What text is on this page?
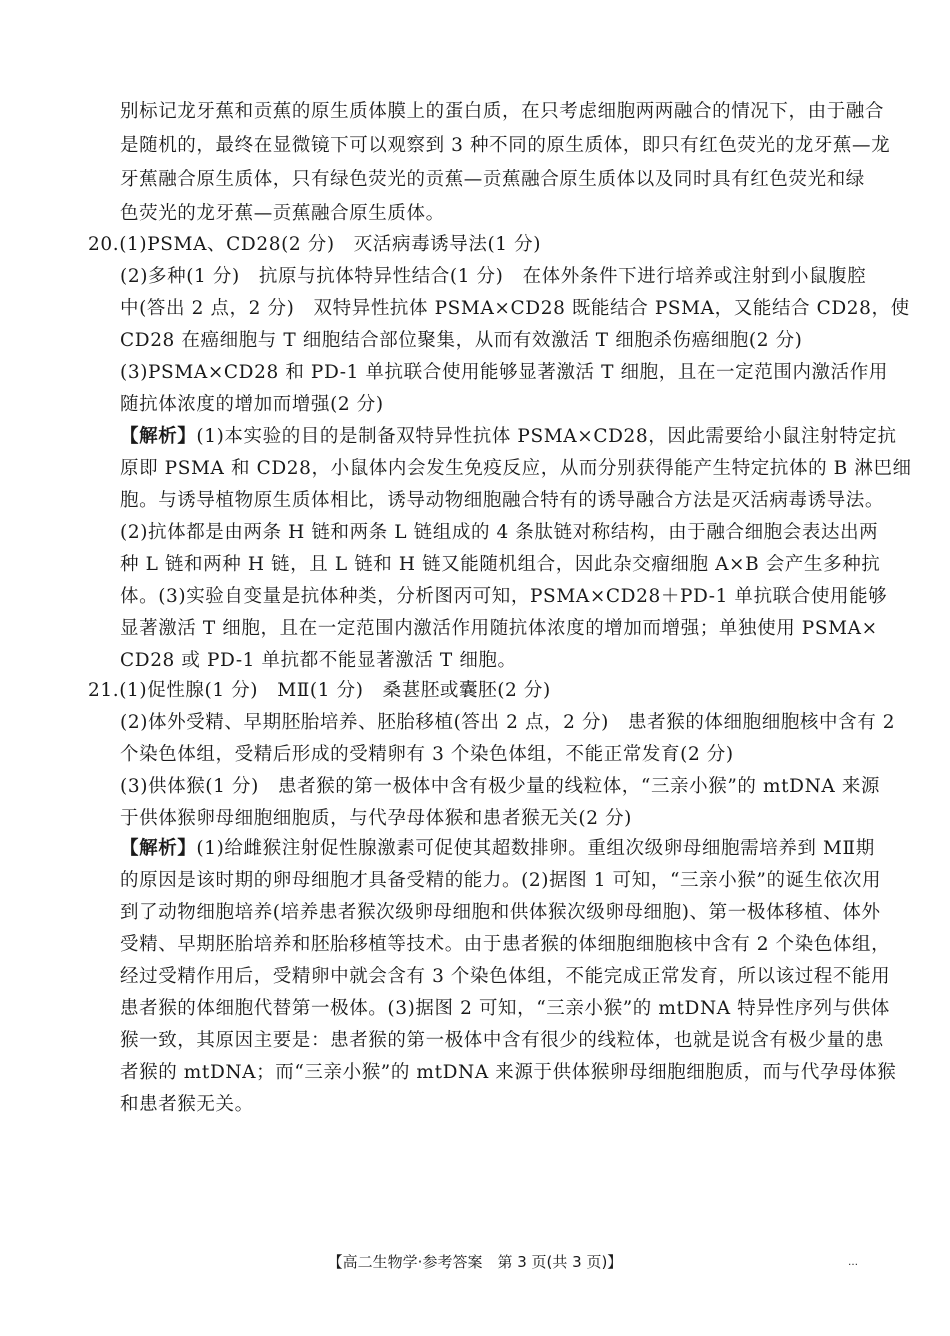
别标记龙牙蕉和贡蕉的原生质体膜上的蛋白质，在只考虑细胞两两融合的情况下，由于融合
是随机的，最终在显微镜下可以观察到 3 种不同的原生质体，即只有红色荧光的龙牙蕉—龙
牙蕉融合原生质体，只有绿色荧光的贡蕉—贡蕉融合原生质体以及同时具有红色荧光和绿
色荧光的龙牙蕉—贡蕉融合原生质体。
20.(1)PSMA、CD28(2 分)　灭活病毒诱导法(1 分)
(2)多种(1 分)　抗原与抗体特异性结合(1 分)　在体外条件下进行培养或注射到小鼠腹腔
中(答出 2 点，2 分)　双特异性抗体 PSMA×CD28 既能结合 PSMA，又能结合 CD28，使
CD28 在癌细胞与 T 细胞结合部位聚集，从而有效激活 T 细胞杀伤癌细胞(2 分)
(3)PSMA×CD28 和 PD-1 单抗联合使用能够显著激活 T 细胞，且在一定范围内激活作用
随抗体浓度的增加而增强(2 分)
【解析】(1)本实验的目的是制备双特异性抗体 PSMA×CD28，因此需要给小鼠注射特定抗
原即 PSMA 和 CD28，小鼠体内会发生免疫反应，从而分别获得能产生特定抗体的 B 淋巴细
胞。与诱导植物原生质体相比，诱导动物细胞融合特有的诱导融合方法是灭活病毒诱导法。
(2)抗体都是由两条 H 链和两条 L 链组成的 4 条肽链对称结构，由于融合细胞会表达出两
种 L 链和两种 H 链，且 L 链和 H 链又能随机组合，因此杂交瘤细胞 A×B 会产生多种抗
体。(3)实验自变量是抗体种类，分析图丙可知，PSMA×CD28＋PD-1 单抗联合使用能够
显著激活 T 细胞，且在一定范围内激活作用随抗体浓度的增加而增强；单独使用 PSMA×
CD28 或 PD-1 单抗都不能显著激活 T 细胞。
21.(1)促性腺(1 分)　MⅡ(1 分)　桑葚胚或囊胚(2 分)
(2)体外受精、早期胚胎培养、胚胎移植(答出 2 点，2 分)　患者猴的体细胞细胞核中含有 2
个染色体组，受精后形成的受精卵有 3 个染色体组，不能正常发育(2 分)
(3)供体猴(1 分)　患者猴的第一极体中含有极少量的线粒体，“三亲小猴”的 mtDNA 来源
于供体猴卵母细胞细胞质，与代孕母体猴和患者猴无关(2 分)
【解析】(1)给雌猴注射促性腺激素可促使其超数排卵。重组次级卵母细胞需培养到 MⅡ期
的原因是该时期的卵母细胞才具备受精的能力。(2)据图 1 可知，“三亲小猴”的诞生依次用
到了动物细胞培养(培养患者猴次级卵母细胞和供体猴次级卵母细胞)、第一极体移植、体外
受精、早期胚胎培养和胚胎移植等技术。由于患者猴的体细胞细胞核中含有 2 个染色体组，
经过受精作用后，受精卵中就会含有 3 个染色体组，不能完成正常发育，所以该过程不能用
患者猴的体细胞代替第一极体。(3)据图 2 可知，“三亲小猴”的 mtDNA 特异性序列与供体
猴一致，其原因主要是：患者猴的第一极体中含有很少的线粒体，也就是说含有极少量的患
者猴的 mtDNA；而“三亲小猴”的 mtDNA 来源于供体猴卵母细胞细胞质，而与代孕母体猴
和患者猴无关。
【高二生物学·参考答案　第 3 页(共 3 页)】	…
